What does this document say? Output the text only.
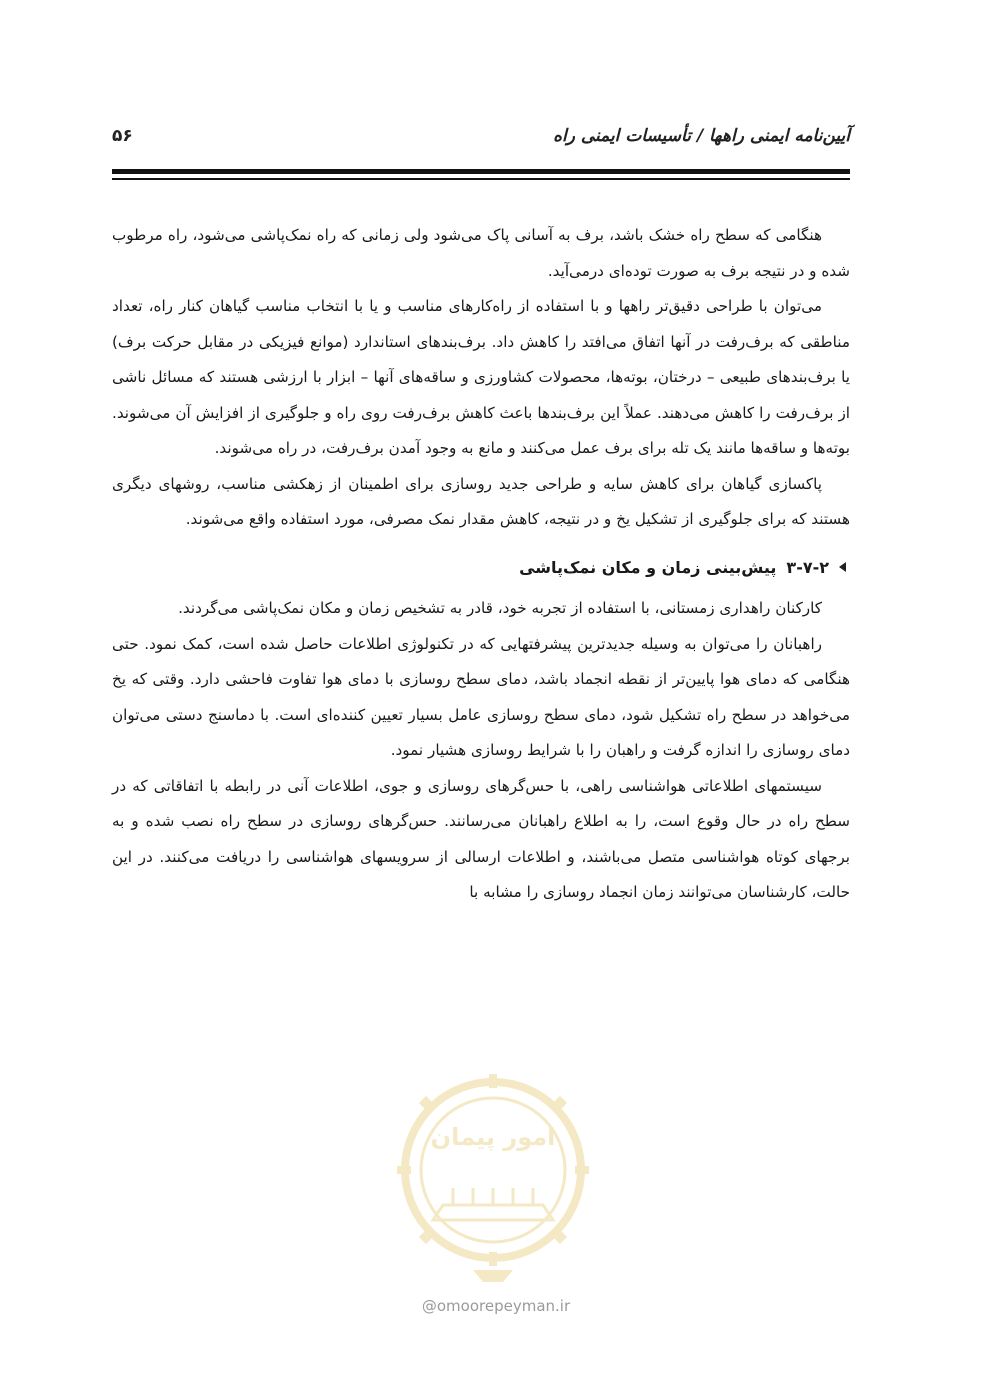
آیین‌نامه ایمنی راهها / تأسیسات ایمنی راه
۵۶

هنگامی که سطح راه خشک باشد، برف به آسانی پاک می‌شود ولی زمانی که راه نمک‌پاشی می‌شود، راه مرطوب شده و در نتیجه برف به صورت توده‌ای درمی‌آید.

می‌توان با طراحی دقیق‌تر راهها و با استفاده از راه‌کارهای مناسب و یا با انتخاب مناسب گیاهان کنار راه، تعداد مناطقی که برف‌رفت در آنها اتفاق می‌افتد را کاهش داد. برف‌بندهای استاندارد (موانع فیزیکی در مقابل حرکت برف) یا برف‌بندهای طبیعی – درختان، بوته‌ها، محصولات کشاورزی و ساقه‌های آنها – ابزار با ارزشی هستند که مسائل ناشی از برف‌رفت را کاهش می‌دهند. عملاً این برف‌بندها باعث کاهش برف‌رفت روی راه و جلوگیری از افزایش آن می‌شوند. بوته‌ها و ساقه‌ها مانند یک تله برای برف عمل می‌کنند و مانع به وجود آمدن برف‌رفت، در راه می‌شوند.

پاکسازی گیاهان برای کاهش سایه و طراحی جدید روسازی برای اطمینان از زهکشی مناسب، روشهای دیگری هستند که برای جلوگیری از تشکیل یخ و در نتیجه، کاهش مقدار نمک مصرفی، مورد استفاده واقع می‌شوند.

۳-۷-۲
پیش‌بینی زمان و مکان نمک‌پاشی

کارکنان راهداری زمستانی، با استفاده از تجربه خود، قادر به تشخیص زمان و مکان نمک‌پاشی می‌گردند.

راهبانان را می‌توان به وسیله جدیدترین پیشرفتهایی که در تکنولوژی اطلاعات حاصل شده است، کمک نمود. حتی هنگامی که دمای هوا پایین‌تر از نقطه انجماد باشد، دمای سطح روسازی با دمای هوا تفاوت فاحشی دارد. وقتی که یخ می‌خواهد در سطح راه تشکیل شود، دمای سطح روسازی عامل بسیار تعیین کننده‌ای است. با دماسنج دستی می‌توان دمای روسازی را اندازه گرفت و راهبان را با شرایط روسازی هشیار نمود.

سیستمهای اطلاعاتی هواشناسی راهی، با حس‌گرهای روسازی و جوی، اطلاعات آنی در رابطه با اتفاقاتی که در سطح راه در حال وقوع است، را به اطلاع راهبانان می‌رسانند. حس‌گرهای روسازی در سطح راه نصب شده و به برجهای کوتاه هواشناسی متصل می‌باشند، و اطلاعات ارسالی از سرویسهای هواشناسی را دریافت می‌کنند. در این حالت، کارشناسان می‌توانند زمان انجماد روسازی را مشابه با

امور پیمان
@omoorepeyman.ir
